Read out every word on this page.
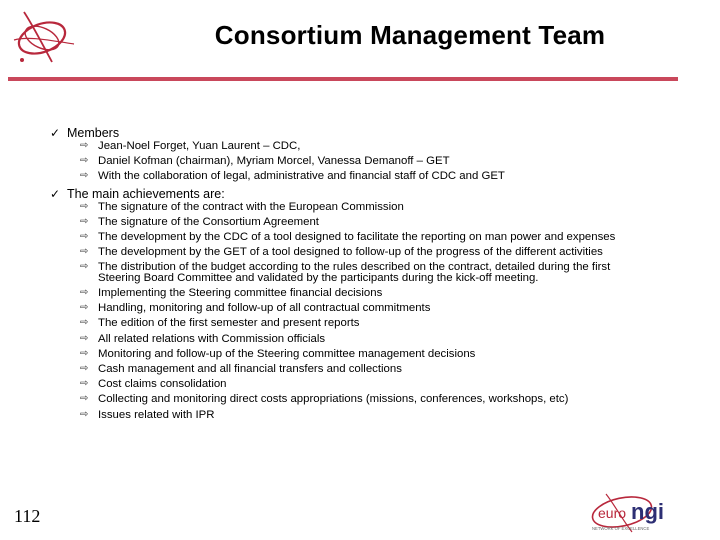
Consortium Management Team
✓ Members
⇨ Jean-Noel Forget, Yuan Laurent – CDC,
⇨ Daniel Kofman (chairman), Myriam Morcel, Vanessa Demanoff – GET
⇨ With the collaboration of legal, administrative and financial staff of CDC and GET
✓ The main achievements are:
⇨ The signature of the contract with the European Commission
⇨ The signature of the Consortium Agreement
⇨ The development by the CDC of a tool designed to facilitate the reporting on man power and expenses
⇨ The development by the GET of a tool designed to follow-up of the progress of the different activities
⇨ The distribution of the budget according to the rules described on the contract, detailed during the first Steering Board Committee and validated by the participants during the kick-off meeting.
⇨ Implementing the Steering committee financial decisions
⇨ Handling, monitoring and follow-up of all contractual commitments
⇨ The edition of the first semester and present reports
⇨ All related relations with Commission officials
⇨ Monitoring and follow-up of the Steering committee management decisions
⇨ Cash management and all financial transfers and collections
⇨ Cost claims consolidation
⇨ Collecting and monitoring direct costs appropriations (missions, conferences, workshops, etc)
⇨ Issues related with IPR
112	euro ngi
NETWORK OF EXCELLENCE
